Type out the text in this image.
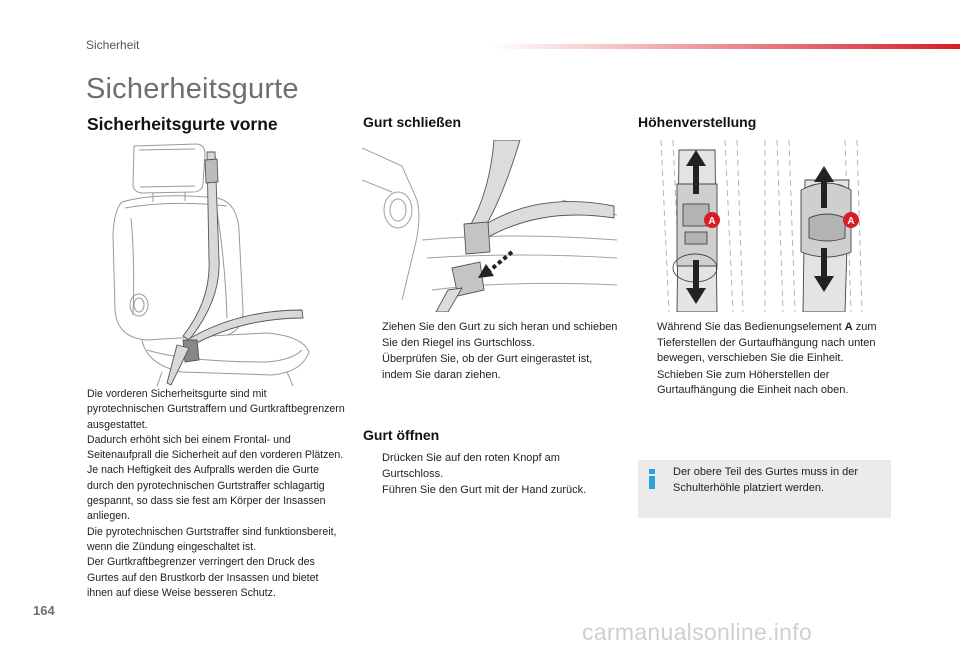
Sicherheit
Sicherheitsgurte
Sicherheitsgurte vorne

Die vorderen Sicherheitsgurte sind mit pyrotechnischen Gurtstraffern und Gurtkraftbegrenzern ausgestattet.

Dadurch erhöht sich bei einem Frontal- und Seitenaufprall die Sicherheit auf den vorderen Plätzen. Je nach Heftigkeit des Aufpralls werden die Gurte durch den pyrotechnischen Gurtstraffer schlagartig gespannt, so dass sie fest am Körper der Insassen anliegen.

Die pyrotechnischen Gurtstraffer sind funktionsbereit, wenn die Zündung eingeschaltet ist.

Der Gurtkraftbegrenzer verringert den Druck des Gurtes auf den Brustkorb der Insassen und bietet ihnen auf diese Weise besseren Schutz.

Gurt schließen
Ziehen Sie den Gurt zu sich heran und schieben Sie den Riegel ins Gurtschloss.
Überprüfen Sie, ob der Gurt eingerastet ist, indem Sie daran ziehen.
Gurt öffnen
Drücken Sie auf den roten Knopf am Gurtschloss.
Führen Sie den Gurt mit der Hand zurück.
Höhenverstellung
A	A
Während Sie das Bedienungselement A zum Tieferstellen der Gurtaufhängung nach unten bewegen, verschieben Sie die Einheit.
Schieben Sie zum Höherstellen der Gurtaufhängung die Einheit nach oben.
Der obere Teil des Gurtes muss in der Schulterhöhle platziert werden.
164
carmanualsonline.info
